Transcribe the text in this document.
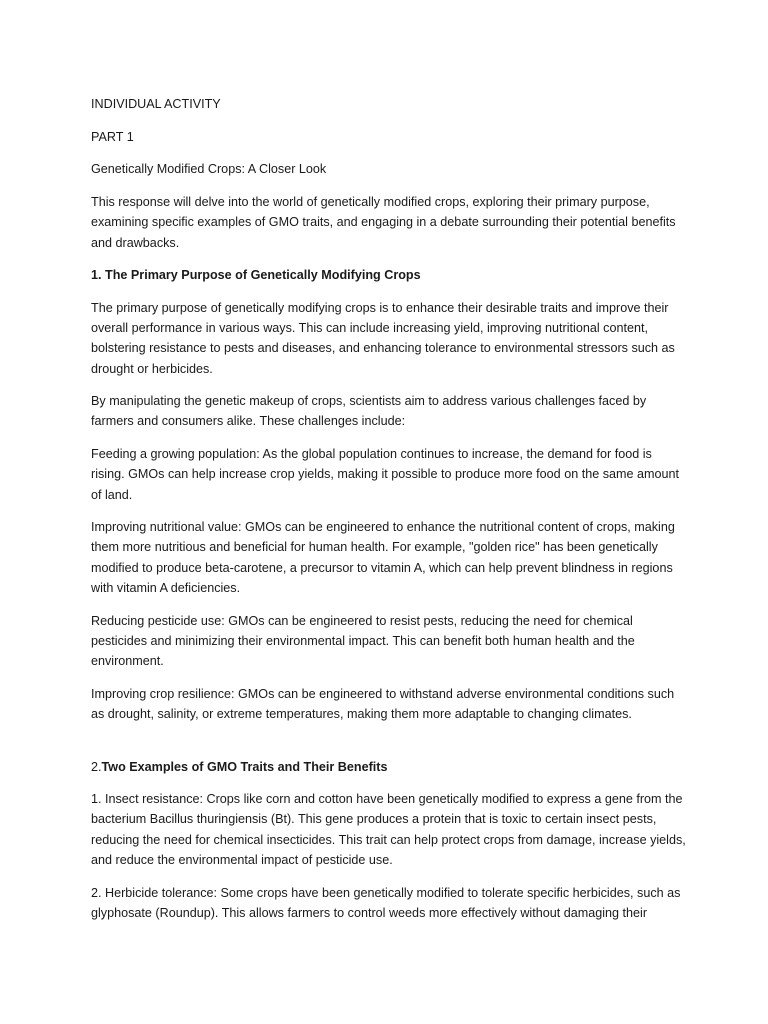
INDIVIDUAL ACTIVITY

PART 1

Genetically Modified Crops: A Closer Look

This response will delve into the world of genetically modified crops, exploring their primary purpose, examining specific examples of GMO traits, and engaging in a debate surrounding their potential benefits and drawbacks.

1. The Primary Purpose of Genetically Modifying Crops

The primary purpose of genetically modifying crops is to enhance their desirable traits and improve their overall performance in various ways. This can include increasing yield, improving nutritional content, bolstering resistance to pests and diseases, and enhancing tolerance to environmental stressors such as drought or herbicides.

By manipulating the genetic makeup of crops, scientists aim to address various challenges faced by farmers and consumers alike. These challenges include:

Feeding a growing population: As the global population continues to increase, the demand for food is rising. GMOs can help increase crop yields, making it possible to produce more food on the same amount of land.

Improving nutritional value: GMOs can be engineered to enhance the nutritional content of crops, making them more nutritious and beneficial for human health. For example, "golden rice" has been genetically modified to produce beta-carotene, a precursor to vitamin A, which can help prevent blindness in regions with vitamin A deficiencies.

Reducing pesticide use: GMOs can be engineered to resist pests, reducing the need for chemical pesticides and minimizing their environmental impact. This can benefit both human health and the environment.

Improving crop resilience: GMOs can be engineered to withstand adverse environmental conditions such as drought, salinity, or extreme temperatures, making them more adaptable to changing climates.

2.Two Examples of GMO Traits and Their Benefits

1. Insect resistance: Crops like corn and cotton have been genetically modified to express a gene from the bacterium Bacillus thuringiensis (Bt). This gene produces a protein that is toxic to certain insect pests, reducing the need for chemical insecticides. This trait can help protect crops from damage, increase yields, and reduce the environmental impact of pesticide use.

2. Herbicide tolerance: Some crops have been genetically modified to tolerate specific herbicides, such as glyphosate (Roundup). This allows farmers to control weeds more effectively without damaging their
